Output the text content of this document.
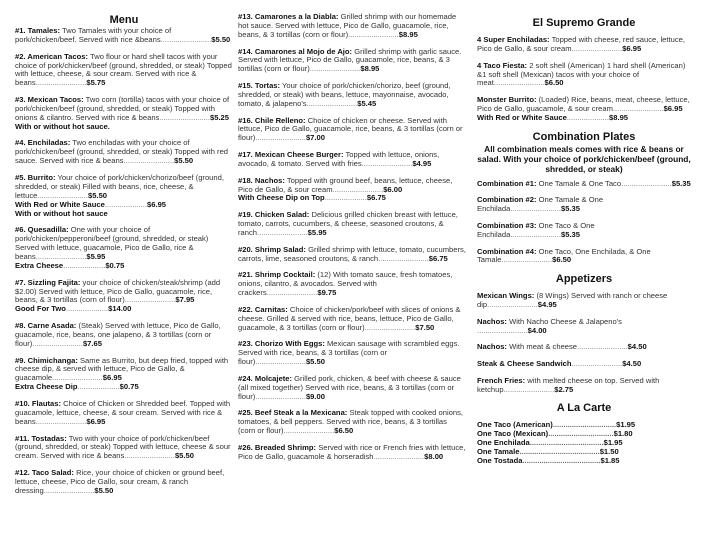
Menu
#1. Tamales: Two Tamales with your choice of pork/chicken/beef. Served with rice &beans........................$5.50
#2. American Tacos: Two flour or hard shell tacos with your choice of pork/chicken/beef (ground, shredded, or steak) Topped with lettuce, cheese, & sour cream. Served with rice & beans........................$5.75
#3. Mexican Tacos: Two corn (tortilla) tacos with your choice of pork/chicken/beef (ground, shredded, or steak) Topped with onions & cilantro. Served with rice & beans........................$5.25
With or without hot sauce.
#4. Enchiladas: Two enchiladas with your choice of pork/chicken/beef (ground, shredded, or steak) Topped with red sauce. Served with rice & beans........................$5.50
#5. Burrito: Your choice of pork/chicken/chorizo/beef (ground, shredded, or steak) Filled with beans, rice, cheese, & lettuce........................$5.50
With Red or White Sauce....................$6.95
With or without hot sauce
#6. Quesadilla: One with your choice of pork/chicken/pepperoni/beef (ground, shredded, or steak) Served with lettuce, guacamole, Pico de Gallo, rice & beans........................$5.95
Extra Cheese....................$0.75
#7. Sizzling Fajita: your choice of chicken/steak/shrimp (add $2.00) Served with lettuce, Pico de Gallo, guacamole, rice, beans, & 3 tortillas (corn of flour)........................$7.95
Good For Two....................$14.00
#8. Carne Asada: (Steak) Served with lettuce, Pico de Gallo, guacamole, rice, beans, one jalapeno, & 3 tortillas (corn or flour)........................$7.65
#9. Chimichanga: Same as Burrito, but deep fried, topped with cheese dip, & served with lettuce, Pico de Gallo, & guacamole........................$6.95
Extra Cheese Dip....................$0.75
#10. Flautas: Choice of Chicken or Shredded beef. Topped with guacamole, lettuce, cheese, & sour cream. Served with rice & beans........................$6.95
#11. Tostadas: Two with your choice of pork/chicken/beef (ground, shredded, or steak) Topped with lettuce, cheese & sour cream. Served with rice & beans........................$5.50
#12. Taco Salad: Rice, your choice of chicken or ground beef, lettuce, cheese, Pico de Gallo, sour cream, & ranch dressing........................$5.50
#13. Camarones a la Diabla: Grilled shrimp with our homemade hot sauce. Served with lettuce, Pico de Gallo, guacamole, rice, beans, & 3 tortillas (corn or flour)........................$8.95
#14. Camarones al Mojo de Ajo: Grilled shrimp with garlic sauce. Served with lettuce, Pico de Gallo, guacamole, rice, beans, & 3 tortillas (corn or flour)........................$8.95
#15. Tortas: Your choice of pork/chicken/chorizo, beef (ground, shredded, or steak) with beans, lettuce, mayonnaise, avocado, tomato, & jalapeno's........................$5.45
#16. Chile Relleno: Choice of chicken or cheese. Served with lettuce, Pico de Gallo, guacamole, rice, beans, & 3 tortillas (corn or flour)........................$7.00
#17. Mexican Cheese Burger: Topped with lettuce, onions, avocado, & tomato. Served with fries........................$4.95
#18. Nachos: Topped with ground beef, beans, lettuce, cheese, Pico de Gallo, & sour cream........................$6.00
With Cheese Dip on Top....................$6.75
#19. Chicken Salad: Delicious grilled chicken breast with lettuce, tomato, carrots, cucumbers, & cheese, seasoned croutons, & ranch........................$5.95
#20. Shrimp Salad: Grilled shrimp with lettuce, tomato, cucumbers, carrots, lime, seasoned croutons, & ranch........................$6.75
#21. Shrimp Cocktail: (12) With tomato sauce, fresh tomatoes, onions, cilantro, & avocados. Served with crackers........................$9.75
#22. Carnitas: Choice of chicken/pork/beef with slices of onions & cheese. Grilled & served with rice, beans, lettuce, Pico de Gallo, guacamole, & 3 tortillas (corn or flour)........................$7.50
#23. Chorizo With Eggs: Mexican sausage with scrambled eggs. Served with rice, beans, & 3 tortillas (corn or flour)........................$5.50
#24. Molcajete: Grilled pork, chicken, & beef with cheese & sauce (all mixed together) Served with rice, beans, & 3 tortillas (corn or flour)........................$9.00
#25. Beef Steak a la Mexicana: Steak topped with cooked onions, tomatoes, & bell peppers. Served with rice, beans, & 3 tortillas (corn or flour)........................$6.50
#26. Breaded Shrimp: Served with rice or French fries with lettuce, Pico de Gallo, guacamole & horseradish........................$8.00
El Supremo Grande
4 Super Enchiladas: Topped with cheese, red sauce, lettuce, Pico de Gallo, & sour cream........................$6.95
4 Taco Fiesta: 2 soft shell (American) 1 hard shell (American) &1 soft shell (Mexican) tacos with your choice of meat........................$6.50
Monster Burrito: (Loaded) Rice, beans, meat, cheese, lettuce, Pico de Gallo, guacamole, & sour cream........................$6.95
With Red or White Sauce....................$8.95
Combination Plates
All combination meals comes with rice & beans or salad. With your choice of pork/chicken/beef (ground, shredded, or steak)
Combination #1: One Tamale & One Taco........................$5.35
Combination #2: One Tamale & One Enchilada........................$5.35
Combination #3: One Taco & One Enchilada........................$5.35
Combination #4: One Taco, One Enchilada, & One Tamale........................$6.50
Appetizers
Mexican Wings: (8 Wings) Served with ranch or cheese dip........................$4.95
Nachos: With Nacho Cheese & Jalapeno's ........................$4.00
Nachos: With meat & cheese........................$4.50
Steak & Cheese Sandwich........................$4.50
French Fries: with melted cheese on top. Served with ketchup........................$2.75
A La Carte
One Taco (American)..............................$1.95
One Taco (Mexican)...............................$1.80
One Enchilada...................................$1.95
One Tamale......................................$1.50
One Tostada.....................................$1.85
